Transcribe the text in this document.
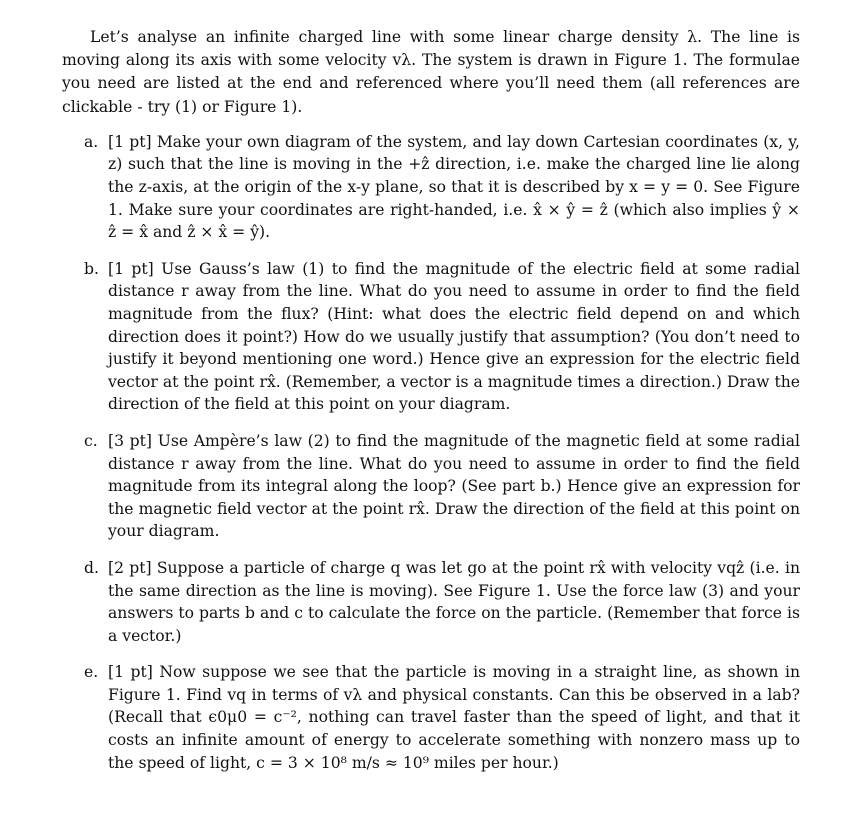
Let’s analyse an infinite charged line with some linear charge density λ. The line is moving along its axis with some velocity vλ. The system is drawn in Figure 1. The formulae you need are listed at the end and referenced where you’ll need them (all references are clickable - try (1) or Figure 1).

a. [1 pt] Make your own diagram of the system, and lay down Cartesian coordinates (x, y, z) such that the line is moving in the +ẑ direction, i.e. make the charged line lie along the z-axis, at the origin of the x-y plane, so that it is described by x = y = 0. See Figure 1. Make sure your coordinates are right-handed, i.e. x̂ × ŷ = ẑ (which also implies ŷ × ẑ = x̂ and ẑ × x̂ = ŷ).
b. [1 pt] Use Gauss’s law (1) to find the magnitude of the electric field at some radial distance r away from the line. What do you need to assume in order to find the field magnitude from the flux? (Hint: what does the electric field depend on and which direction does it point?) How do we usually justify that assumption? (You don’t need to justify it beyond mentioning one word.) Hence give an expression for the electric field vector at the point rx̂. (Remember, a vector is a magnitude times a direction.) Draw the direction of the field at this point on your diagram.
c. [3 pt] Use Ampère’s law (2) to find the magnitude of the magnetic field at some radial distance r away from the line. What do you need to assume in order to find the field magnitude from its integral along the loop? (See part b.) Hence give an expression for the magnetic field vector at the point rx̂. Draw the direction of the field at this point on your diagram.
d. [2 pt] Suppose a particle of charge q was let go at the point rx̂ with velocity vqẑ (i.e. in the same direction as the line is moving). See Figure 1. Use the force law (3) and your answers to parts b and c to calculate the force on the particle. (Remember that force is a vector.)
e. [1 pt] Now suppose we see that the particle is moving in a straight line, as shown in Figure 1. Find vq in terms of vλ and physical constants. Can this be observed in a lab? (Recall that ϵ0μ0 = c⁻², nothing can travel faster than the speed of light, and that it costs an infinite amount of energy to accelerate something with nonzero mass up to the speed of light, c = 3 × 10⁸ m/s ≈ 10⁹ miles per hour.)
